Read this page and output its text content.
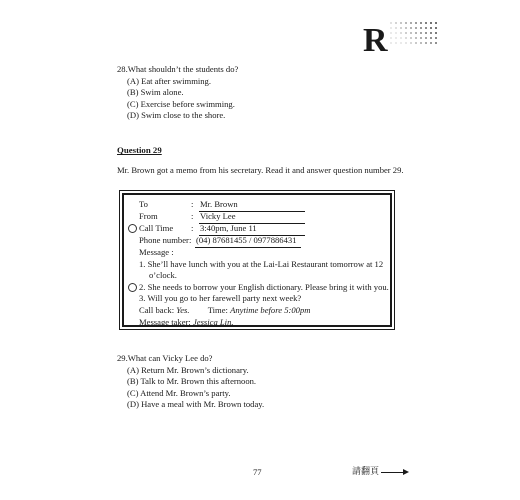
R
28.What shouldn’t the students do?
(A) Eat after swimming.
(B) Swim alone.
(C) Exercise before swimming.
(D) Swim close to the shore.
Question 29
Mr. Brown got a memo from his secretary. Read it and answer question number 29.
To	: Mr. Brown
From	: Vicky Lee
Call Time	: 3:40pm, June 11
Phone number : (04) 87681455 / 0977886431
Message :
1. She’ll have lunch with you at the Lai-Lai Restaurant tomorrow at 12
o’clock.
2. She needs to borrow your English dictionary. Please bring it with you.
3. Will you go to her farewell party next week?
Call back: Yes. Time: Anytime before 5:00pm
Message taker: Jessica Lin.
29.What can Vicky Lee do?
(A) Return Mr. Brown’s dictionary.
(B) Talk to Mr. Brown this afternoon.
(C) Attend Mr. Brown’s party.
(D) Have a meal with Mr. Brown today.
77	請翻頁
